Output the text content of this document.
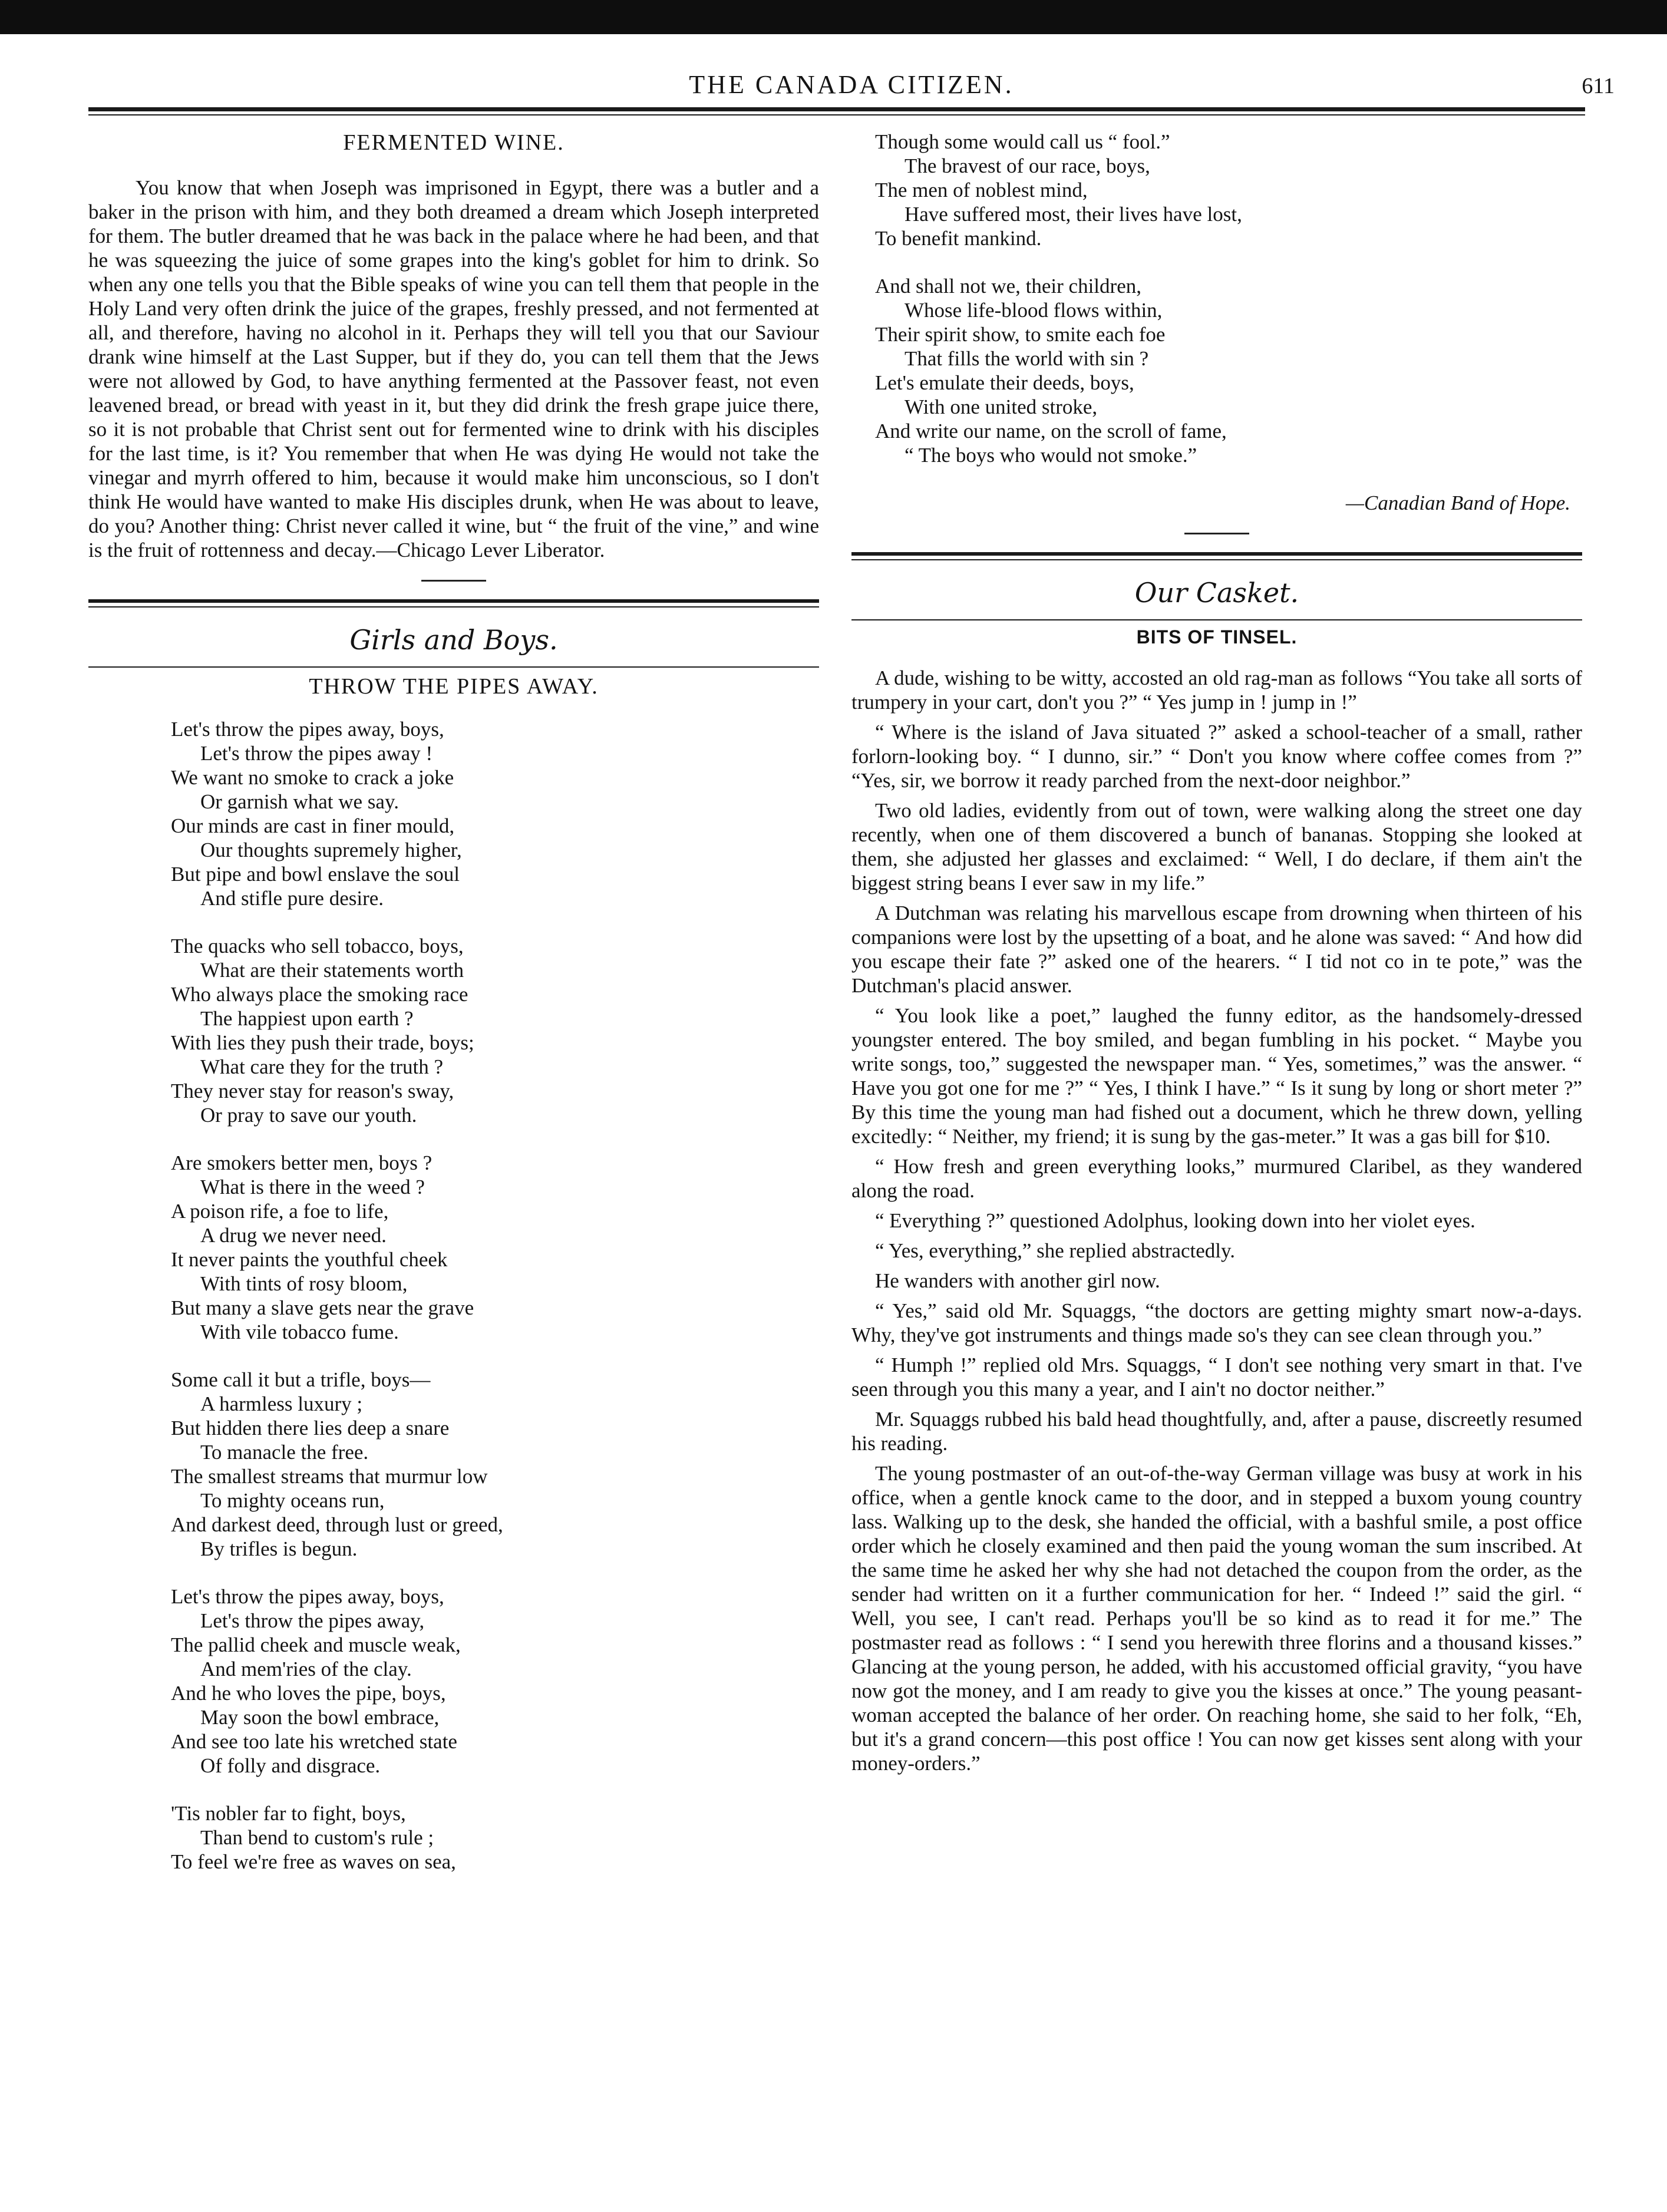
THE CANADA CITIZEN.	611
FERMENTED WINE.

You know that when Joseph was imprisoned in Egypt, there was a butler and a baker in the prison with him, and they both dreamed a dream which Joseph interpreted for them. The butler dreamed that he was back in the palace where he had been, and that he was squeezing the juice of some grapes into the king's goblet for him to drink. So when any one tells you that the Bible speaks of wine you can tell them that people in the Holy Land very often drink the juice of the grapes, freshly pressed, and not fermented at all, and therefore, having no alcohol in it. Perhaps they will tell you that our Saviour drank wine himself at the Last Supper, but if they do, you can tell them that the Jews were not allowed by God, to have anything fermented at the Passover feast, not even leavened bread, or bread with yeast in it, but they did drink the fresh grape juice there, so it is not probable that Christ sent out for fermented wine to drink with his disciples for the last time, is it? You remember that when He was dying He would not take the vinegar and myrrh offered to him, because it would make him unconscious, so I don't think He would have wanted to make His disciples drunk, when He was about to leave, do you? Another thing: Christ never called it wine, but “ the fruit of the vine,” and wine is the fruit of rottenness and decay.—Chicago Lever Liberator.

Girls and Boys.
THROW THE PIPES AWAY.

Let's throw the pipes away, boys,

Let's throw the pipes away !

We want no smoke to crack a joke

Or garnish what we say.

Our minds are cast in finer mould,

Our thoughts supremely higher,

But pipe and bowl enslave the soul

And stifle pure desire.

The quacks who sell tobacco, boys,

What are their statements worth

Who always place the smoking race

The happiest upon earth ?

With lies they push their trade, boys;

What care they for the truth ?

They never stay for reason's sway,

Or pray to save our youth.

Are smokers better men, boys ?

What is there in the weed ?

A poison rife, a foe to life,

A drug we never need.

It never paints the youthful cheek

With tints of rosy bloom,

But many a slave gets near the grave

With vile tobacco fume.

Some call it but a trifle, boys—

A harmless luxury ;

But hidden there lies deep a snare

To manacle the free.

The smallest streams that murmur low

To mighty oceans run,

And darkest deed, through lust or greed,

By trifles is begun.

Let's throw the pipes away, boys,

Let's throw the pipes away,

The pallid cheek and muscle weak,

And mem'ries of the clay.

And he who loves the pipe, boys,

May soon the bowl embrace,

And see too late his wretched state

Of folly and disgrace.

'Tis nobler far to fight, boys,

Than bend to custom's rule ;

To feel we're free as waves on sea,

Though some would call us “ fool.”

The bravest of our race, boys,

The men of noblest mind,

Have suffered most, their lives have lost,

To benefit mankind.

And shall not we, their children,

Whose life-blood flows within,

Their spirit show, to smite each foe

That fills the world with sin ?

Let's emulate their deeds, boys,

With one united stroke,

And write our name, on the scroll of fame,

“ The boys who would not smoke.”

—Canadian Band of Hope.

Our Casket.
BITS OF TINSEL.

A dude, wishing to be witty, accosted an old rag-man as follows “You take all sorts of trumpery in your cart, don't you ?” “ Yes jump in ! jump in !”

“ Where is the island of Java situated ?” asked a school-teacher of a small, rather forlorn-looking boy. “ I dunno, sir.” “ Don't you know where coffee comes from ?” “Yes, sir, we borrow it ready parched from the next-door neighbor.”

Two old ladies, evidently from out of town, were walking along the street one day recently, when one of them discovered a bunch of bananas. Stopping she looked at them, she adjusted her glasses and exclaimed: “ Well, I do declare, if them ain't the biggest string beans I ever saw in my life.”

A Dutchman was relating his marvellous escape from drowning when thirteen of his companions were lost by the upsetting of a boat, and he alone was saved: “ And how did you escape their fate ?” asked one of the hearers. “ I tid not co in te pote,” was the Dutchman's placid answer.

“ You look like a poet,” laughed the funny editor, as the handsomely-dressed youngster entered. The boy smiled, and began fumbling in his pocket. “ Maybe you write songs, too,” suggested the newspaper man. “ Yes, sometimes,” was the answer. “ Have you got one for me ?” “ Yes, I think I have.” “ Is it sung by long or short meter ?” By this time the young man had fished out a document, which he threw down, yelling excitedly: “ Neither, my friend; it is sung by the gas-meter.” It was a gas bill for $10.

“ How fresh and green everything looks,” murmured Claribel, as they wandered along the road.

“ Everything ?” questioned Adolphus, looking down into her violet eyes.

“ Yes, everything,” she replied abstractedly.

He wanders with another girl now.

“ Yes,” said old Mr. Squaggs, “the doctors are getting mighty smart now-a-days. Why, they've got instruments and things made so's they can see clean through you.”

“ Humph !” replied old Mrs. Squaggs, “ I don't see nothing very smart in that. I've seen through you this many a year, and I ain't no doctor neither.”

Mr. Squaggs rubbed his bald head thoughtfully, and, after a pause, discreetly resumed his reading.

The young postmaster of an out-of-the-way German village was busy at work in his office, when a gentle knock came to the door, and in stepped a buxom young country lass. Walking up to the desk, she handed the official, with a bashful smile, a post office order which he closely examined and then paid the young woman the sum inscribed. At the same time he asked her why she had not detached the coupon from the order, as the sender had written on it a further communication for her. “ Indeed !” said the girl. “ Well, you see, I can't read. Perhaps you'll be so kind as to read it for me.” The postmaster read as follows : “ I send you herewith three florins and a thousand kisses.” Glancing at the young person, he added, with his accustomed official gravity, “you have now got the money, and I am ready to give you the kisses at once.” The young peasant-woman accepted the balance of her order. On reaching home, she said to her folk, “Eh, but it's a grand concern—this post office ! You can now get kisses sent along with your money-orders.”
